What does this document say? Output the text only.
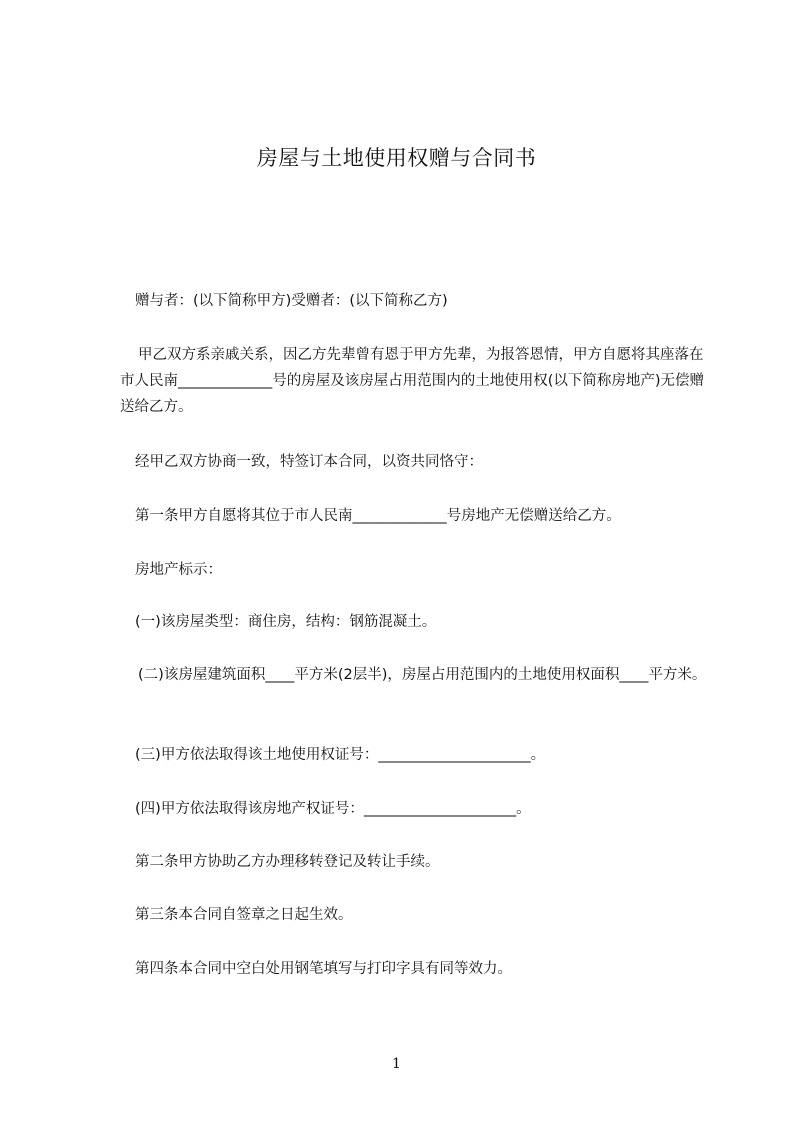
房屋与土地使用权赠与合同书
赠与者：(以下简称甲方)受赠者：(以下简称乙方)
甲乙双方系亲戚关系，因乙方先辈曾有恩于甲方先辈，为报答恩情，甲方自愿将其座落在市人民南_____________号的房屋及该房屋占用范围内的土地使用权(以下简称房地产)无偿赠送给乙方。
经甲乙双方协商一致，特签订本合同，以资共同恪守：
第一条甲方自愿将其位于市人民南_____________号房地产无偿赠送给乙方。
房地产标示：
(一)该房屋类型：商住房，结构：钢筋混凝土。
(二)该房屋建筑面积____平方米(2层半)，房屋占用范围内的土地使用权面积____平方米。
(三)甲方依法取得该土地使用权证号：_____________________。
(四)甲方依法取得该房地产权证号：_____________________。
第二条甲方协助乙方办理移转登记及转让手续。
第三条本合同自签章之日起生效。
第四条本合同中空白处用钢笔填写与打印字具有同等效力。
1
